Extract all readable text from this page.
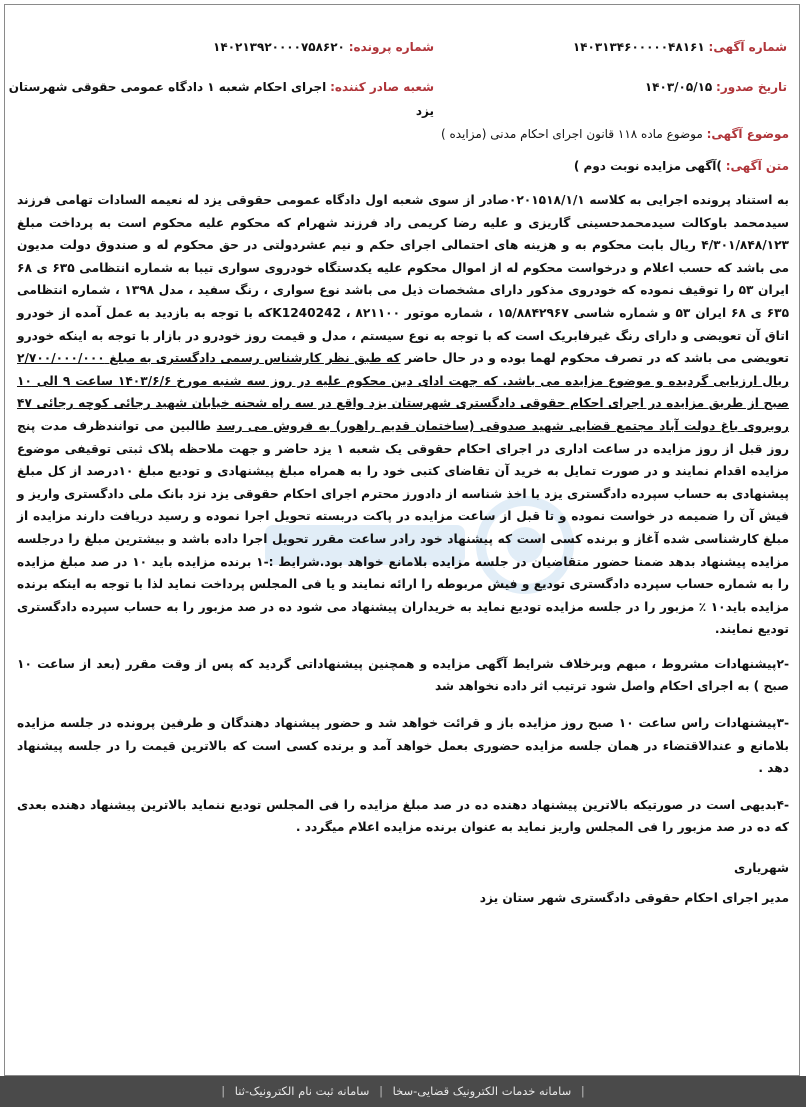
شماره آگهی: ۱۴۰۳۱۳۴۶۰۰۰۰۰۴۸۱۶۱
شماره پرونده: ۱۴۰۲۱۳۹۲۰۰۰۰۷۵۸۶۲۰
تاریخ صدور: ۱۴۰۳/۰۵/۱۵
شعبه صادر کننده: اجرای احکام شعبه ۱ دادگاه عمومی حقوقی شهرستان یزد
موضوع آگهی: موضوع ماده ۱۱۸ قانون اجرای احکام مدنی (مزایده )
متن آگهی: )آگهی مزایده نوبت دوم )

به استناد پرونده اجرایی به کلاسه ۰۲۰۱۵۱۸/۱/۱صادر از سوی شعبه اول دادگاه عمومی حقوقی یزد له نعیمه السادات تهامی فرزند سیدمحمد باوکالت سیدمحمدحسینی گاریزی و علیه رضا کریمی راد فرزند شهرام که محکوم علیه محکوم است به پرداخت مبلغ ۴/۳۰۱/۸۴۸/۱۲۳ ریال بابت محکوم به و هزینه های احتمالی اجرای حکم و نیم عشردولتی در حق محکوم له و صندوق دولت مدیون می باشد که حسب اعلام و درخواست محکوم له از اموال محکوم علیه یکدستگاه خودروی سواری تیبا به شماره انتظامی ۶۳۵ ی ۶۸ ایران ۵۳ را توقیف نموده که خودروی مذکور دارای مشخصات ذیل می باشد نوع سواری ، رنگ سفید ، مدل ۱۳۹۸ ، شماره انتظامی ۶۳۵ ی ۶۸ ایران ۵۳ و شماره شاسی ۱۵/۸۸۴۲۹۶۷ ، شماره موتور ۸۲۱۱۰۰ ، K1240242که با توجه به بازدید به عمل آمده از خودرو اتاق آن تعویضی و دارای رنگ غیرفابریک است که با توجه به نوع سیستم ، مدل و قیمت روز خودرو در بازار با توجه به اینکه خودرو تعویضی می باشد که در تصرف محکوم لهما بوده و در حال حاضر که طبق نظر کارشناس رسمی دادگستری به مبلغ ۲/۷۰۰/۰۰۰/۰۰۰ ریال ارزیابی گردیده و موضوع مزایده می باشد. که جهت ادای دین محکوم علیه در روز سه شنبه مورخ ۱۴۰۳/۶/۶ ساعت ۹ الی ۱۰ صبح از طریق مزایده در اجرای احکام حقوقی دادگستری شهرستان یزد واقع در سه راه شحنه خیابان شهید رجائی کوچه رجائی ۴۷ روبروی باغ دولت آباد مجتمع قضایی شهید صدوقی (ساختمان قدیم راهور) به فروش می رسد طالبین می توانندظرف مدت پنج روز قبل از روز مزایده در ساعت اداری در اجرای احکام حقوقی یک شعبه ۱ یزد حاضر و جهت ملاحظه پلاک ثبتی توقیفی موضوع مزایده اقدام نمایند و در صورت تمایل به خرید آن تقاضای کتبی خود را به همراه مبلغ پیشنهادی و تودیع مبلغ ۱۰درصد از کل مبلغ پیشنهادی به حساب سپرده دادگستری یزد با اخذ شناسه از دادورز محترم اجرای احکام حقوقی یزد نزد بانک ملی دادگستری واریز و فیش آن را ضمیمه در خواست نموده و تا قبل از ساعت مزایده در پاکت دربسته تحویل اجرا نموده و رسید دریافت دارند مزایده از مبلغ کارشناسی شده آغاز و برنده کسی است که پیشنهاد خود رادر ساعت مقرر تحویل اجرا داده باشد و بیشترین مبلغ را درجلسه مزایده پیشنهاد بدهد ضمنا حضور متقاضیان در جلسه مزایده بلامانع خواهد بود.شرایط :-۱ برنده مزایده باید ۱۰ در صد مبلغ مزایده را به شماره حساب سپرده دادگستری تودیع و فیش مربوطه را ارائه نمایند و یا فی المجلس پرداخت نماید لذا با توجه به اینکه برنده مزایده باید۱۰ ٪ مزبور را در جلسه مزایده تودیع نماید به خریداران پیشنهاد می شود ده در صد مزبور را به حساب سپرده دادگستری تودیع نمایند.

-۲پیشنهادات مشروط ، مبهم وبرخلاف شرایط آگهی مزایده و همچنین پیشنهاداتی گردید که پس از وقت مقرر (بعد از ساعت ۱۰ صبح ) به اجرای احکام واصل شود ترتیب اثر داده نخواهد شد

-۳پیشنهادات راس ساعت ۱۰ صبح روز مزایده باز و قرائت خواهد شد و حضور پیشنهاد دهندگان و طرفین پرونده در جلسه مزایده بلامانع و عندالاقتضاء در همان جلسه مزایده حضوری بعمل خواهد آمد و برنده کسی است که بالاترین قیمت را در جلسه پیشنهاد دهد .

-۴بدیهی است در صورتیکه بالاترین پیشنهاد دهنده ده در صد مبلغ مزایده را فی المجلس تودیع ننماید بالاترین پیشنهاد دهنده بعدی که ده در صد مزبور را فی المجلس واریز نماید به عنوان برنده مزایده اعلام میگردد .

شهریاری

مدیر اجرای احکام حقوقی دادگستری شهر ستان یزد

| سامانه خدمات الکترونیک قضایی-سخا | سامانه ثبت نام الکترونیک-ثنا |
